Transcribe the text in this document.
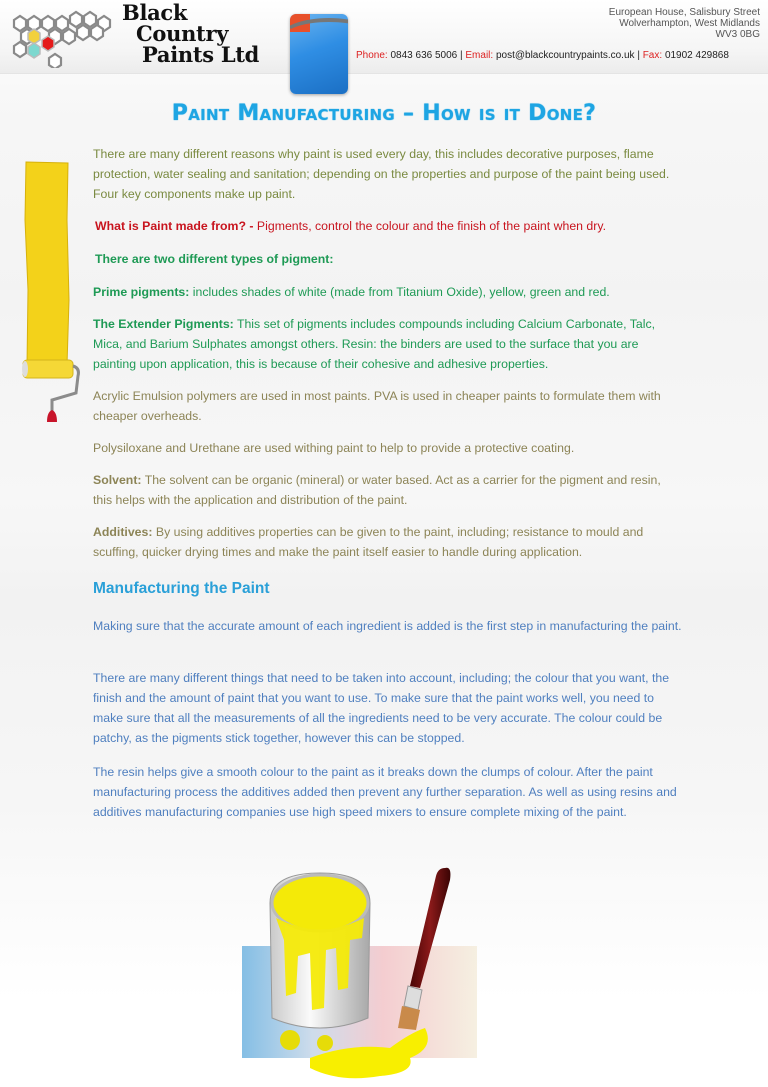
Black
Country
Paints Ltd
European House, Salisbury Street
Wolverhampton, West Midlands
WV3 0BG
Phone: 0843 636 5006 | Email: post@blackcountrypaints.co.uk | Fax: 01902 429868
Paint Manufacturing – How is it Done?

There are many different reasons why paint is used every day, this includes decorative purposes, flame protection, water sealing and sanitation; depending on the properties and purpose of the paint being used. Four key components make up paint.

What is Paint made from? - Pigments, control the colour and the finish of the paint when dry.

There are two different types of pigment:

Prime pigments: includes shades of white (made from Titanium Oxide), yellow, green and red.

The Extender Pigments: This set of pigments includes compounds including Calcium Carbonate, Talc, Mica, and Barium Sulphates amongst others. Resin: the binders are used to the surface that you are painting upon application, this is because of their cohesive and adhesive properties.

Acrylic Emulsion polymers are used in most paints. PVA is used in cheaper paints to formulate them with cheaper overheads.

Polysiloxane and Urethane are used withing paint to help to provide a protective coating.

Solvent: The solvent can be organic (mineral) or water based. Act as a carrier for the pigment and resin, this helps with the application and distribution of the paint.

Additives: By using additives properties can be given to the paint, including; resistance to mould and scuffing, quicker drying times and make the paint itself easier to handle during application.

Manufacturing the Paint

Making sure that the accurate amount of each ingredient is added is the first step in manufacturing the paint.

There are many different things that need to be taken into account, including; the colour that you want, the finish and the amount of paint that you want to use. To make sure that the paint works well, you need to make sure that all the measurements of all the ingredients need to be very accurate. The colour could be patchy, as the pigments stick together, however this can be stopped.

The resin helps give a smooth colour to the paint as it breaks down the clumps of colour. After the paint manufacturing process the additives added then prevent any further separation. As well as using resins and additives manufacturing companies use high speed mixers to ensure complete mixing of the paint.
